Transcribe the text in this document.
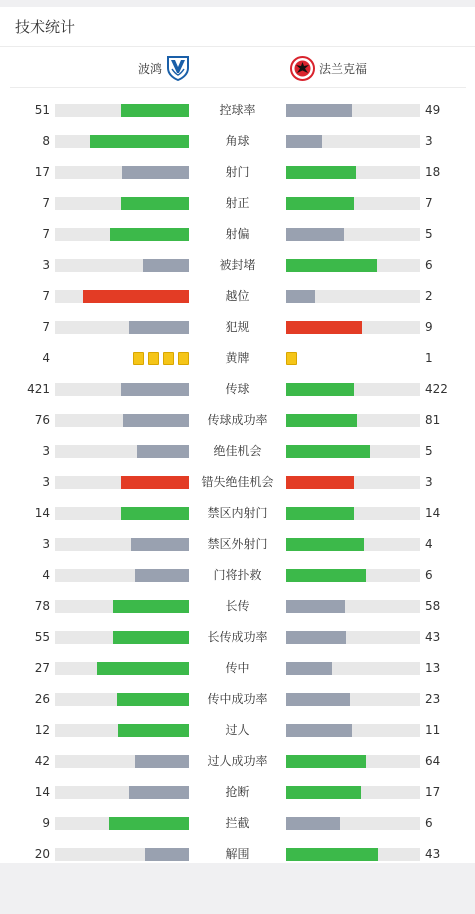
技术统计
波鸿	法兰克福
51	控球率	49
8	角球	3
17	射门	18
7	射正	7
7	射偏	5
3	被封堵	6
7	越位	2
7	犯规	9
4	黄牌	1
421	传球	422
76	传球成功率	81
3	绝佳机会	5
3	错失绝佳机会	3
14	禁区内射门	14
3	禁区外射门	4
4	门将扑救	6
78	长传	58
55	长传成功率	43
27	传中	13
26	传中成功率	23
12	过人	11
42	过人成功率	64
14	抢断	17
9	拦截	6
20	解围	43
